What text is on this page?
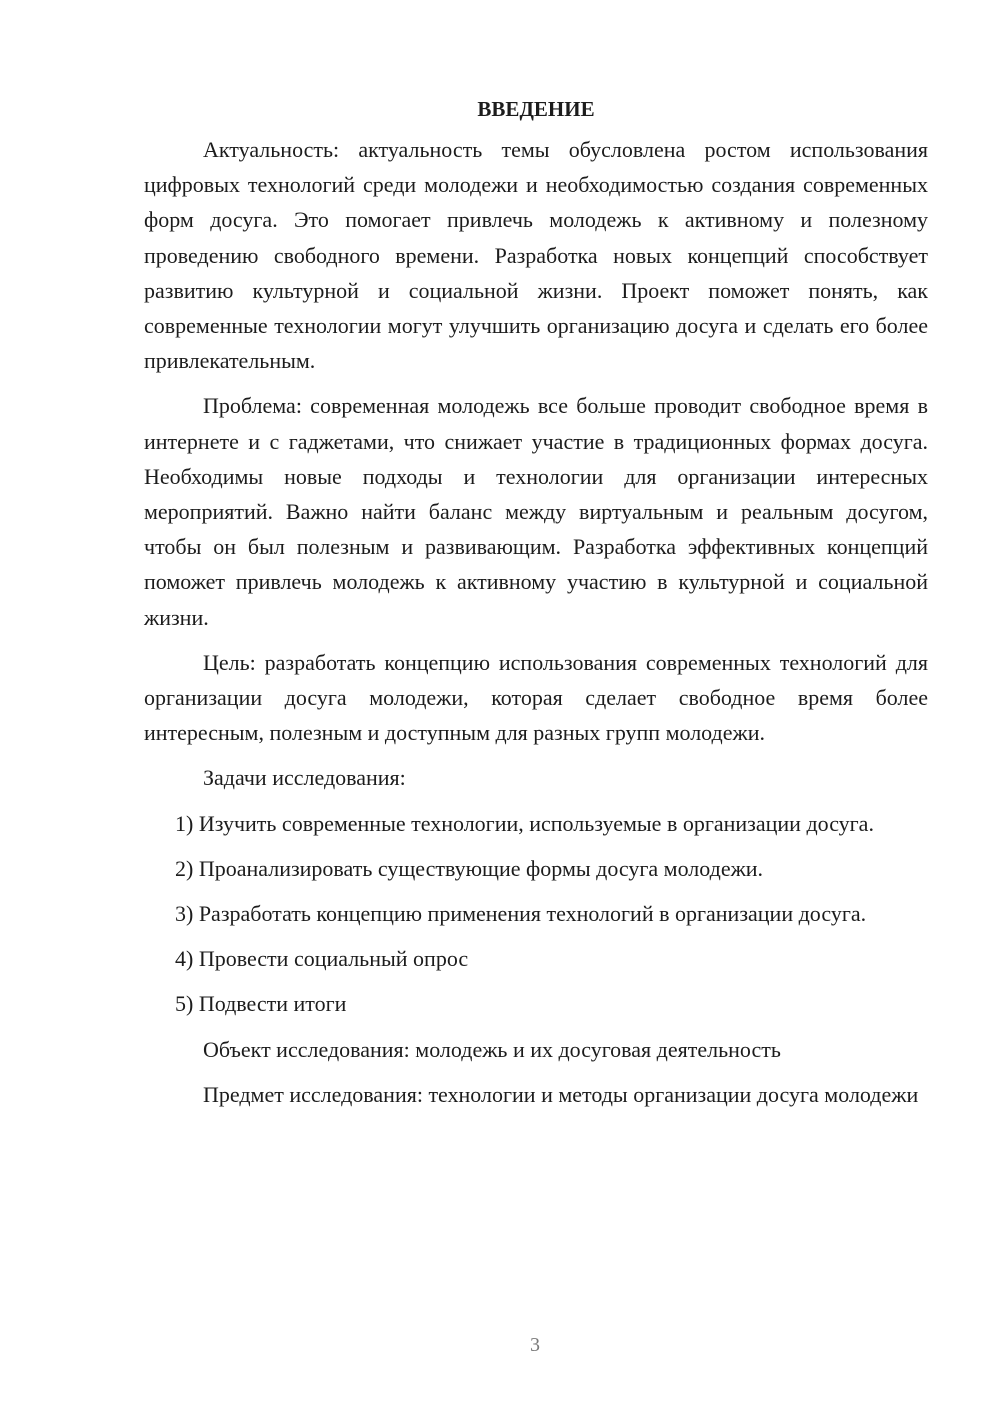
ВВЕДЕНИЕ

Актуальность: актуальность темы обусловлена ростом использования цифровых технологий среди молодежи и необходимостью создания современных форм досуга. Это помогает привлечь молодежь к активному и полезному проведению свободного времени. Разработка новых концепций способствует развитию культурной и социальной жизни. Проект поможет понять, как современные технологии могут улучшить организацию досуга и сделать его более привлекательным.

Проблема: современная молодежь все больше проводит свободное время в интернете и с гаджетами, что снижает участие в традиционных формах досуга. Необходимы новые подходы и технологии для организации интересных мероприятий. Важно найти баланс между виртуальным и реальным досугом, чтобы он был полезным и развивающим. Разработка эффективных концепций поможет привлечь молодежь к активному участию в культурной и социальной жизни.

Цель: разработать концепцию использования современных технологий для организации досуга молодежи, которая сделает свободное время более интересным, полезным и доступным для разных групп молодежи.

Задачи исследования:

1) Изучить современные технологии, используемые в организации досуга.

2) Проанализировать существующие формы досуга молодежи.

3) Разработать концепцию применения технологий в организации досуга.

4) Провести социальный опрос

5) Подвести итоги

Объект исследования: молодежь и их досуговая деятельность

Предмет исследования: технологии и методы организации досуга молодежи

3
